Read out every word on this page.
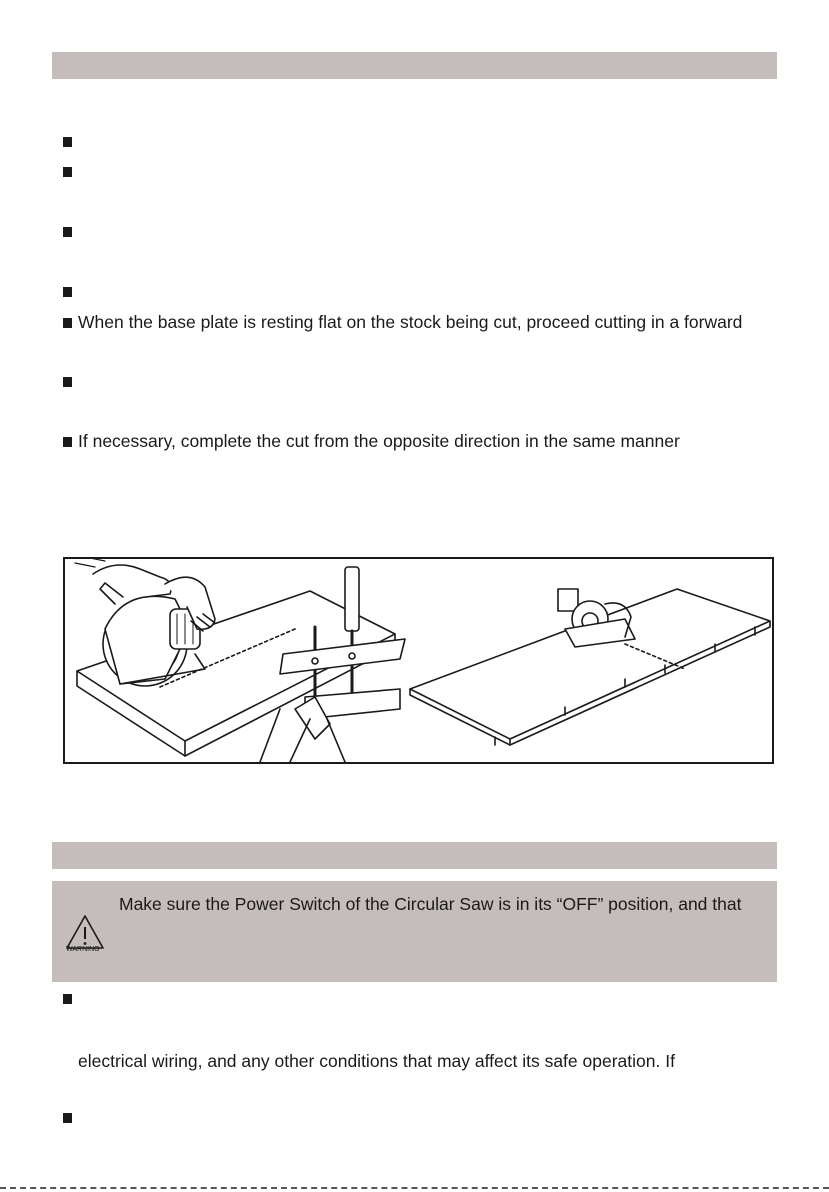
When the base plate is resting flat on the stock being cut, proceed cutting in a forward
If necessary, complete the cut from the opposite direction in the same manner
WARNING
Make sure the Power Switch of the Circular Saw is in its “OFF” position, and that
electrical wiring, and any other conditions that may affect its safe operation. If
